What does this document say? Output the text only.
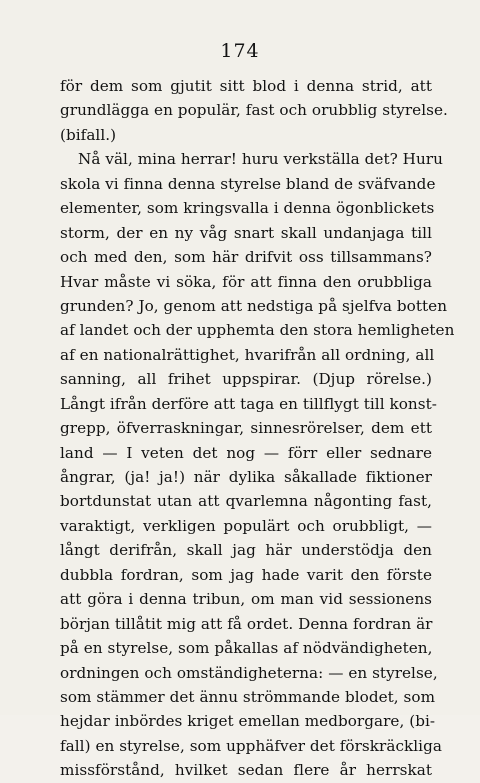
174
för dem som gjutit sitt blod i denna strid, att
grundlägga en populär, fast och orubblig styrelse.
(bifall.)
Nå väl, mina herrar! huru verkställa det? Huru
skola vi finna denna styrelse bland de sväfvande
elementer, som kringsvalla i denna ögonblickets
storm, der en ny våg snart skall undanjaga till
och med den, som här drifvit oss tillsammans?
Hvar måste vi söka, för att finna den orubbliga
grunden? Jo, genom att nedstiga på sjelfva botten
af landet och der upphemta den stora hemligheten
af en nationalrättighet, hvarifrån all ordning, all
sanning, all frihet uppspirar. (Djup rörelse.)
Långt ifrån derföre att taga en tillflygt till konst-
grepp, öfverraskningar, sinnesrörelser, dem ett
land — I veten det nog — förr eller sednare
ångrar, (ja! ja!) när dylika såkallade fiktioner
bortdunstat utan att qvarlemna någonting fast,
varaktigt, verkligen populärt och orubbligt, —
långt derifrån, skall jag här understödja den
dubbla fordran, som jag hade varit den förste
att göra i denna tribun, om man vid sessionens
början tillåtit mig att få ordet. Denna fordran är
på en styrelse, som påkallas af nödvändigheten,
ordningen och omständigheterna: — en styrelse,
som stämmer det ännu strömmande blodet, som
hejdar inbördes kriget emellan medborgare, (bi-
fall) en styrelse, som upphäfver det förskräckliga
missförstånd, hvilket sedan flere år herrskat
